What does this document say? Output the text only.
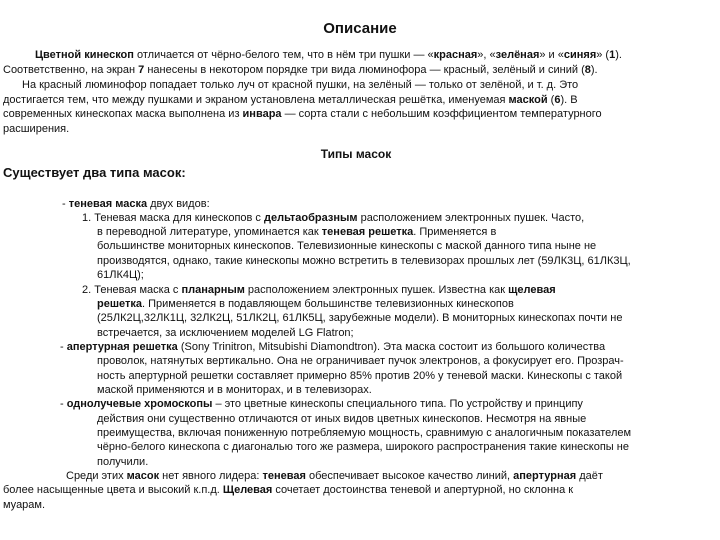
Описание
Цветной кинескоп отличается от чёрно-белого тем, что в нём три пушки — «красная», «зелёная» и «синяя» (1).
Соответственно, на экран 7 нанесены в некотором порядке три вида люминофора — красный, зелёный и синий (8).
На красный люминофор попадает только луч от красной пушки, на зелёный — только от зелёной, и т. д. Это
достигается тем, что между пушками и экраном установлена металлическая решётка, именуемая маской (6). В
современных кинескопах маска выполнена из инвара — сорта стали с небольшим коэффициентом температурного
расширения.
Типы масок
Существует два типа масок:
- теневая маска двух видов:
1. Теневая маска для кинескопов с дельтаобразным расположением электронных пушек. Часто,
в переводной литературе, упоминается как теневая решетка. Применяется в
большинстве мониторных кинескопов. Телевизионные кинескопы с маской данного типа ныне не
производятся, однако, такие кинескопы можно встретить в телевизорах прошлых лет (59ЛК3Ц, 61ЛК3Ц,
61ЛК4Ц);
2. Теневая маска с планарным расположением электронных пушек. Известна как щелевая
решетка. Применяется в подавляющем большинстве телевизионных кинескопов
(25ЛК2Ц,32ЛК1Ц, 32ЛК2Ц, 51ЛК2Ц, 61ЛК5Ц, зарубежные модели). В мониторных кинескопах почти не
встречается, за исключением моделей LG Flatron;
- апертурная решетка (Sony Trinitron, Mitsubishi Diamondtron). Эта маска состоит из большого количества
проволок, натянутых вертикально. Она не ограничивает пучок электронов, а фокусирует его. Прозрач-
ность апертурной решетки составляет примерно 85% против 20% у теневой маски. Кинескопы с такой
маской применяются и в мониторах, и в телевизорах.
- однолучевые хромоскопы – это цветные кинескопы специального типа. По устройству и принципу
действия они существенно отличаются от иных видов цветных кинескопов. Несмотря на явные
преимущества, включая пониженную потребляемую мощность, сравнимую с аналогичным показателем
чёрно-белого кинескопа с диагональю того же размера, широкого распространения такие кинескопы не
получили.
Среди этих масок нет явного лидера: теневая обеспечивает высокое качество линий, апертурная даёт
более насыщенные цвета и высокий к.п.д. Щелевая сочетает достоинства теневой и апертурной, но склонна к
муарам.
